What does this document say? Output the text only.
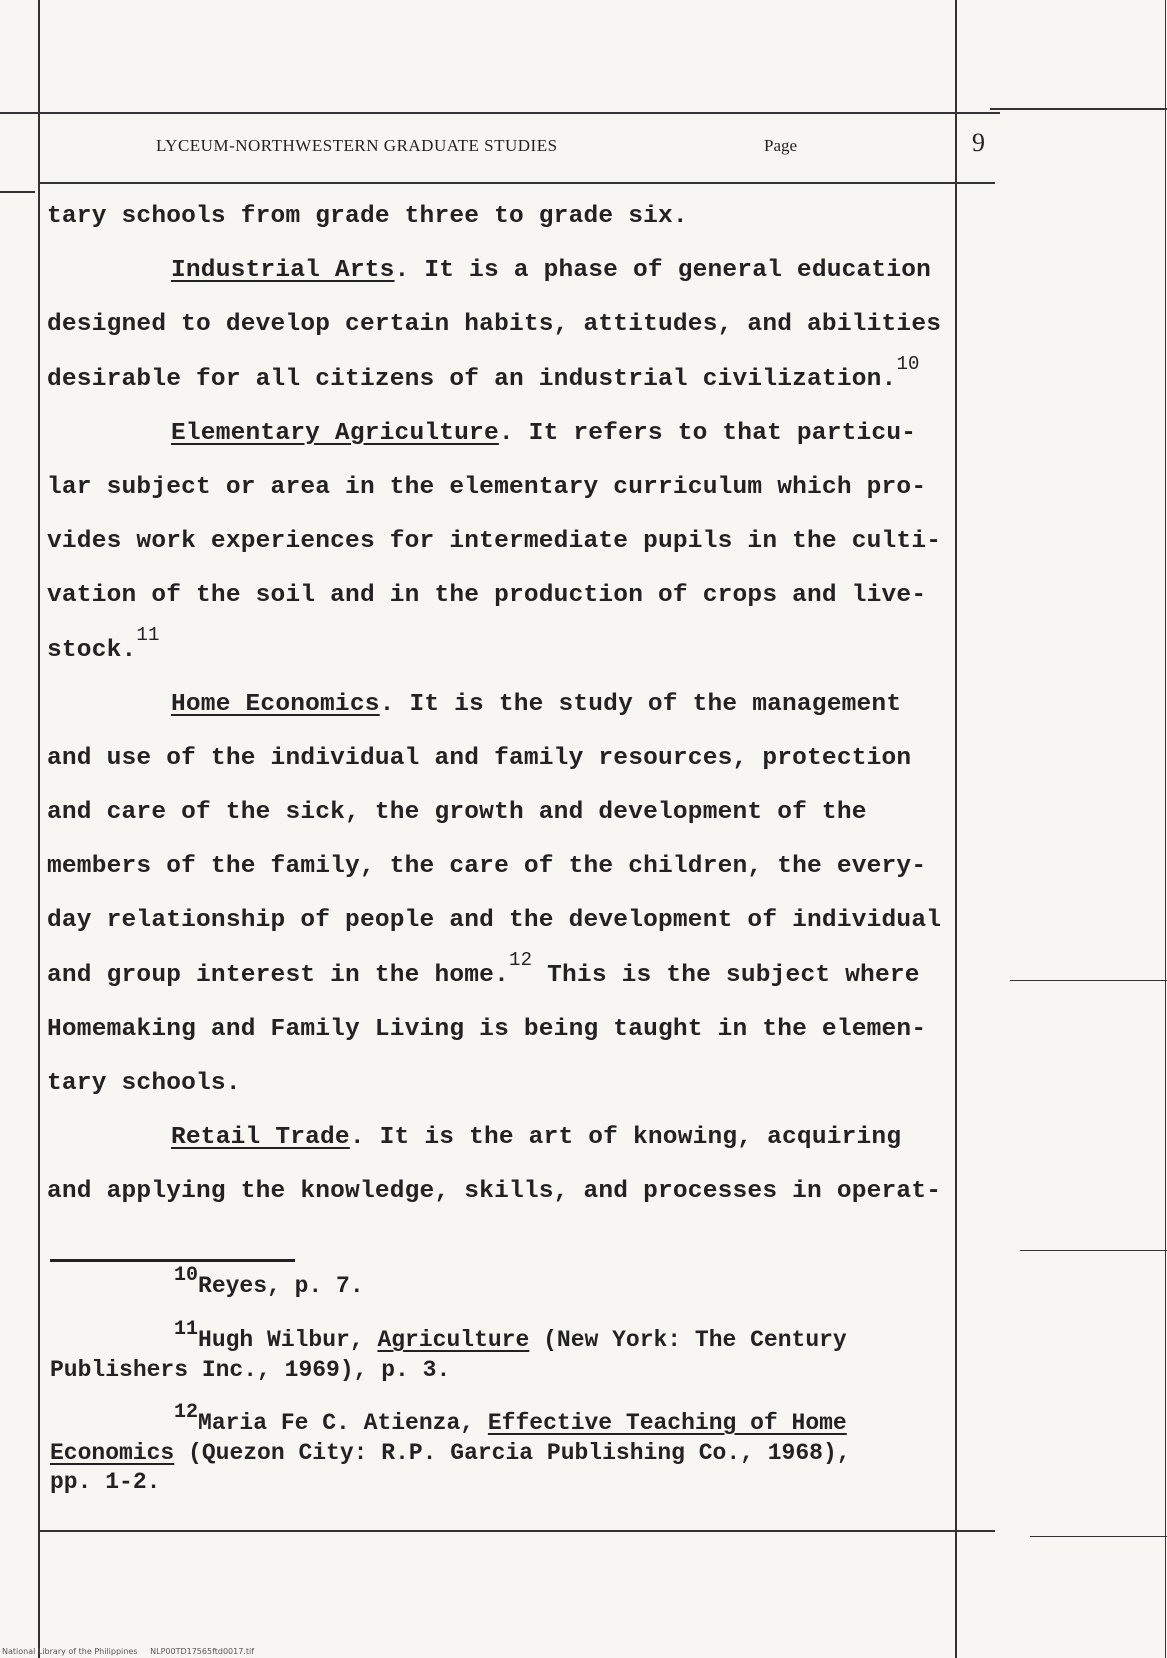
LYCEUM-NORTHWESTERN GRADUATE STUDIES	Page	9
tary schools from grade three to grade six.
Industrial Arts. It is a phase of general education
designed to develop certain habits, attitudes, and abilities
desirable for all citizens of an industrial civilization.$^{10}$
Elementary Agriculture. It refers to that particu-
lar subject or area in the elementary curriculum which pro-
vides work experiences for intermediate pupils in the culti-
vation of the soil and in the production of crops and live-
stock.$^{11}$
Home Economics. It is the study of the management
and use of the individual and family resources, protection
and care of the sick, the growth and development of the
members of the family, the care of the children, the every-
day relationship of people and the development of individual
and group interest in the home.$^{12}$ This is the subject where
Homemaking and Family Living is being taught in the elemen-
tary schools.
Retail Trade. It is the art of knowing, acquiring
and applying the knowledge, skills, and processes in operat-
$^{10}$Reyes, p. 7.
$^{11}$Hugh Wilbur, Agriculture (New York: The Century
Publishers Inc., 1969), p. 3.
$^{12}$Maria Fe C. Atienza, Effective Teaching of Home
Economics (Quezon City: R.P. Garcia Publishing Co., 1968),
pp. 1-2.
National Library of the Philippines     NLP00TD17565ftd0017.tif
